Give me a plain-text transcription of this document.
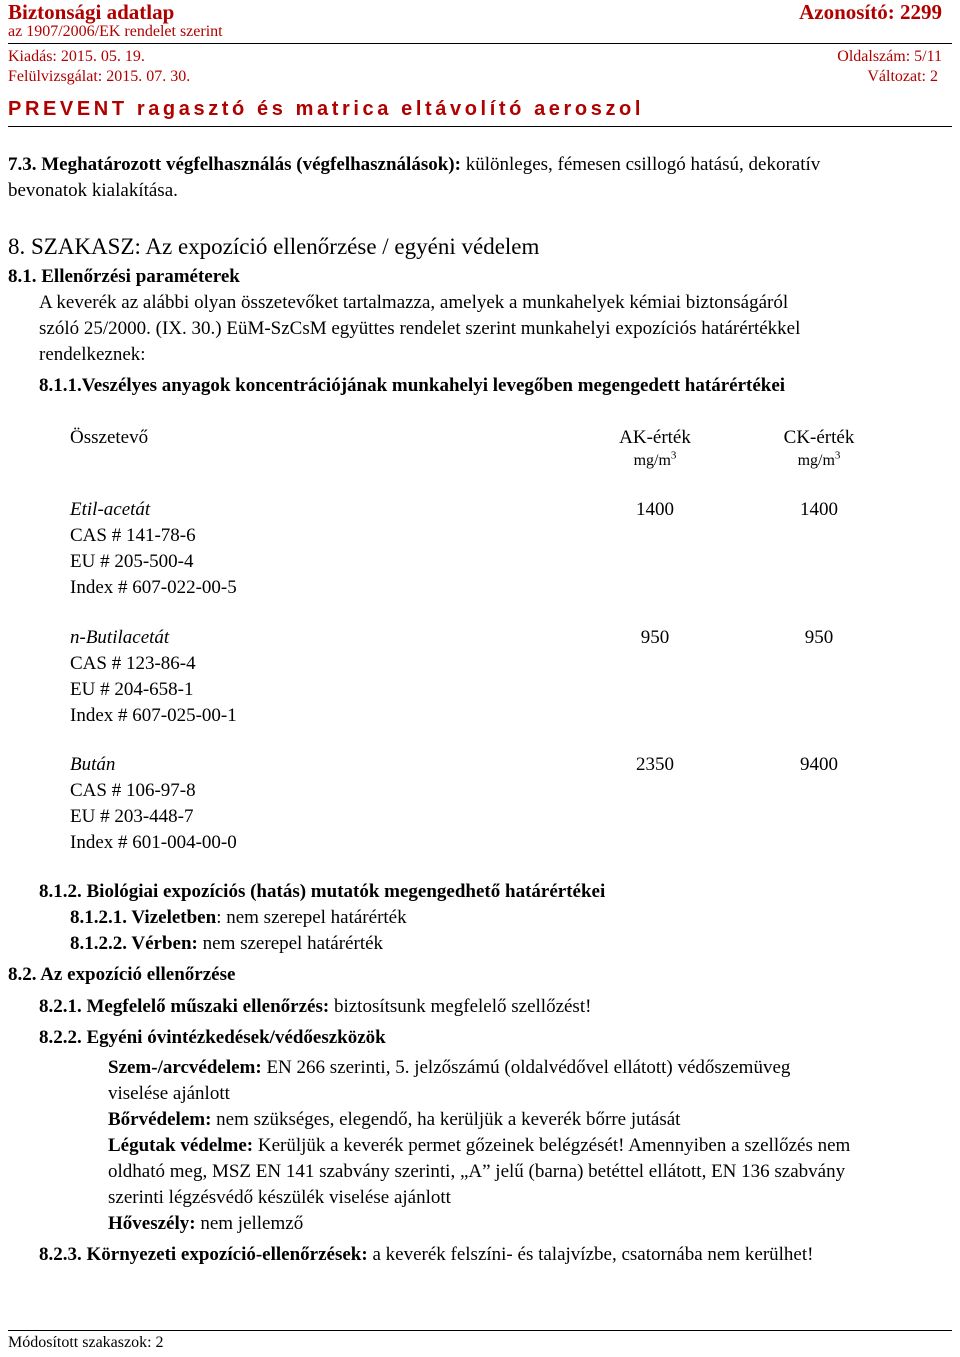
Biztonsági adatlap	Azonosító: 2299
az 1907/2006/EK rendelet szerint
Kiadás: 2015. 05. 19.	Oldalszám: 5/11
Felülvizsgálat: 2015. 07. 30.	Változat: 2
PREVENT ragasztó és matrica eltávolító aeroszol
7.3. Meghatározott végfelhasználás (végfelhasználások): különleges, fémesen csillogó hatású, dekoratív
bevonatok kialakítása.
8. SZAKASZ: Az expozíció ellenőrzése / egyéni védelem
8.1. Ellenőrzési paraméterek
A keverék az alábbi olyan összetevőket tartalmazza, amelyek a munkahelyek kémiai biztonságáról
szóló 25/2000. (IX. 30.) EüM-SzCsM együttes rendelet szerint munkahelyi expozíciós határértékkel
rendelkeznek:
8.1.1.Veszélyes anyagok koncentrációjának munkahelyi levegőben megengedett határértékei
Összetevő	AK-érték	CK-érték
$mg/m^3$	$mg/m^3$
Etil-acetát	1400	1400
CAS # 141-78-6
EU # 205-500-4
Index # 607-022-00-5
n-Butilacetát	950	950
CAS # 123-86-4
EU # 204-658-1
Index # 607-025-00-1
Bután	2350	9400
CAS # 106-97-8
EU # 203-448-7
Index # 601-004-00-0
8.1.2. Biológiai expozíciós (hatás) mutatók megengedhető határértékei
8.1.2.1. Vizeletben: nem szerepel határérték
8.1.2.2. Vérben: nem szerepel határérték
8.2. Az expozíció ellenőrzése
8.2.1. Megfelelő műszaki ellenőrzés: biztosítsunk megfelelő szellőzést!
8.2.2. Egyéni óvintézkedések/védőeszközök
Szem-/arcvédelem: EN 266 szerinti, 5. jelzőszámú (oldalvédővel ellátott) védőszemüveg
viselése ajánlott
Bőrvédelem: nem szükséges, elegendő, ha kerüljük a keverék bőrre jutását
Légutak védelme: Kerüljük a keverék permet gőzeinek belégzését! Amennyiben a szellőzés nem
oldható meg, MSZ EN 141 szabvány szerinti, „A” jelű (barna) betéttel ellátott, EN 136 szabvány
szerinti légzésvédő készülék viselése ajánlott
Hőveszély: nem jellemző
8.2.3. Környezeti expozíció-ellenőrzések: a keverék felszíni- és talajvízbe, csatornába nem kerülhet!
Módosított szakaszok: 2
